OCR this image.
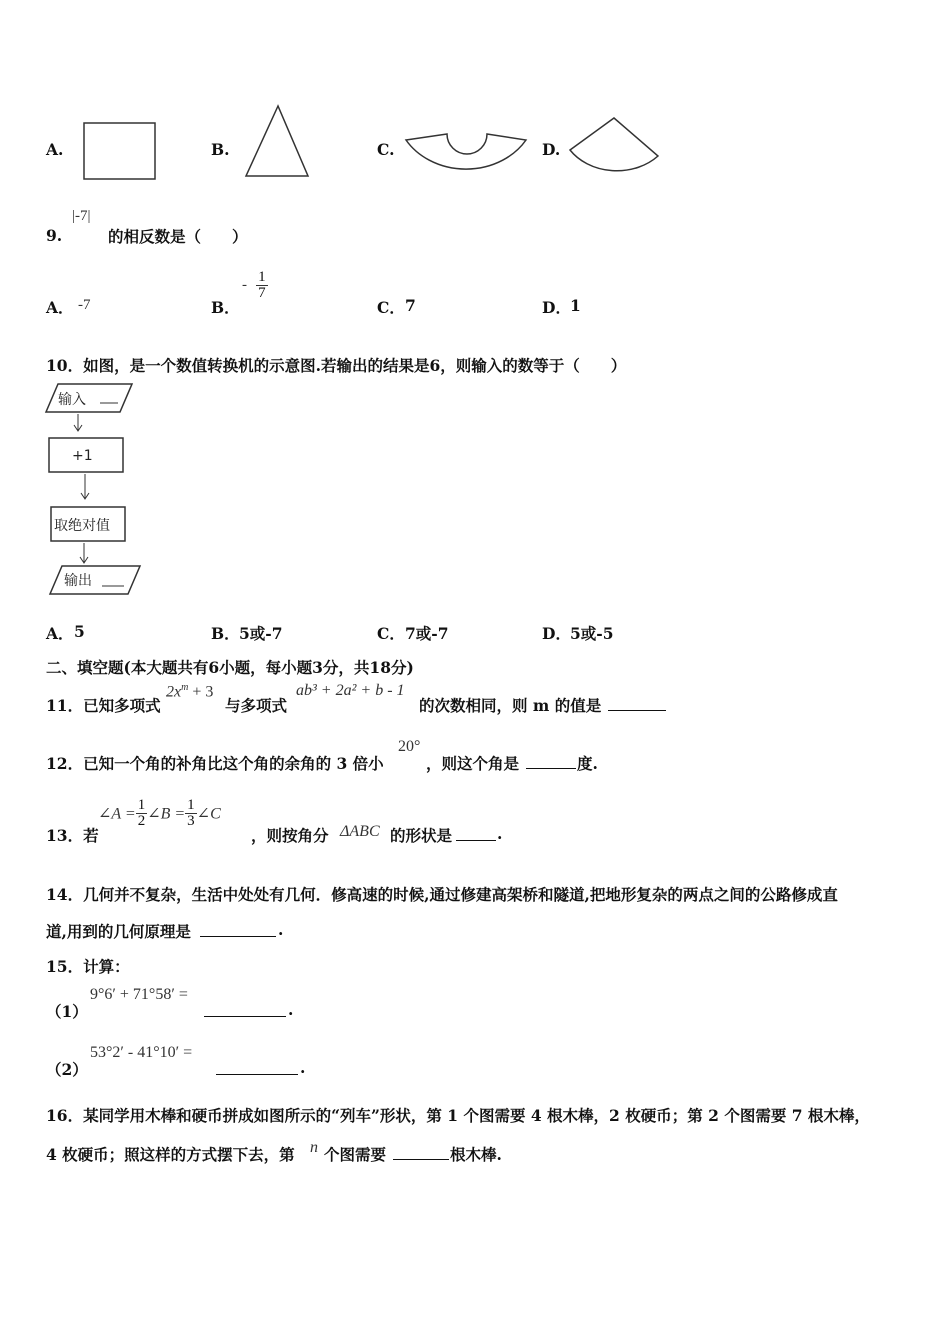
A.	B.	C.	D.
9.
|-7|
的相反数是（　　）
A． -7	B．
- $\frac{1}{7}$
C． 7	D． 1
10．如图，是一个数值转换机的示意图.若输出的结果是6，则输入的数等于（　　）
输入
+1
取绝对值
输出
A． 5	B． 5或-7	C． 7或-7	D． 5或-5
二、填空题(本大题共有6小题，每小题3分，共18分)
11．已知多项式
$2x^m + 3$
与多项式
ab³ + 2a² + b - 1
的次数相同，则 m 的值是
12．已知一个角的补角比这个角的余角的 3 倍小
20°
，则这个角是	度.
13．若
∠A = $\frac{1}{2}$ ∠B = $\frac{1}{3}$ ∠C
，则按角分 ΔABC 的形状是	.
14．几何并不复杂，生活中处处有几何．修高速的时候,通过修建高架桥和隧道,把地形复杂的两点之间的公路修成直
道,用到的几何原理是	.
15．计算：
（1）
9°6′ + 71°58′ =
.
（2）
53°2′ - 41°10′ =
.
16．某同学用木棒和硬币拼成如图所示的“列车”形状，第 1 个图需要 4 根木棒，2 枚硬币；第 2 个图需要 7 根木棒，
4 枚硬币；照这样的方式摆下去，第 n 个图需要	根木棒.
